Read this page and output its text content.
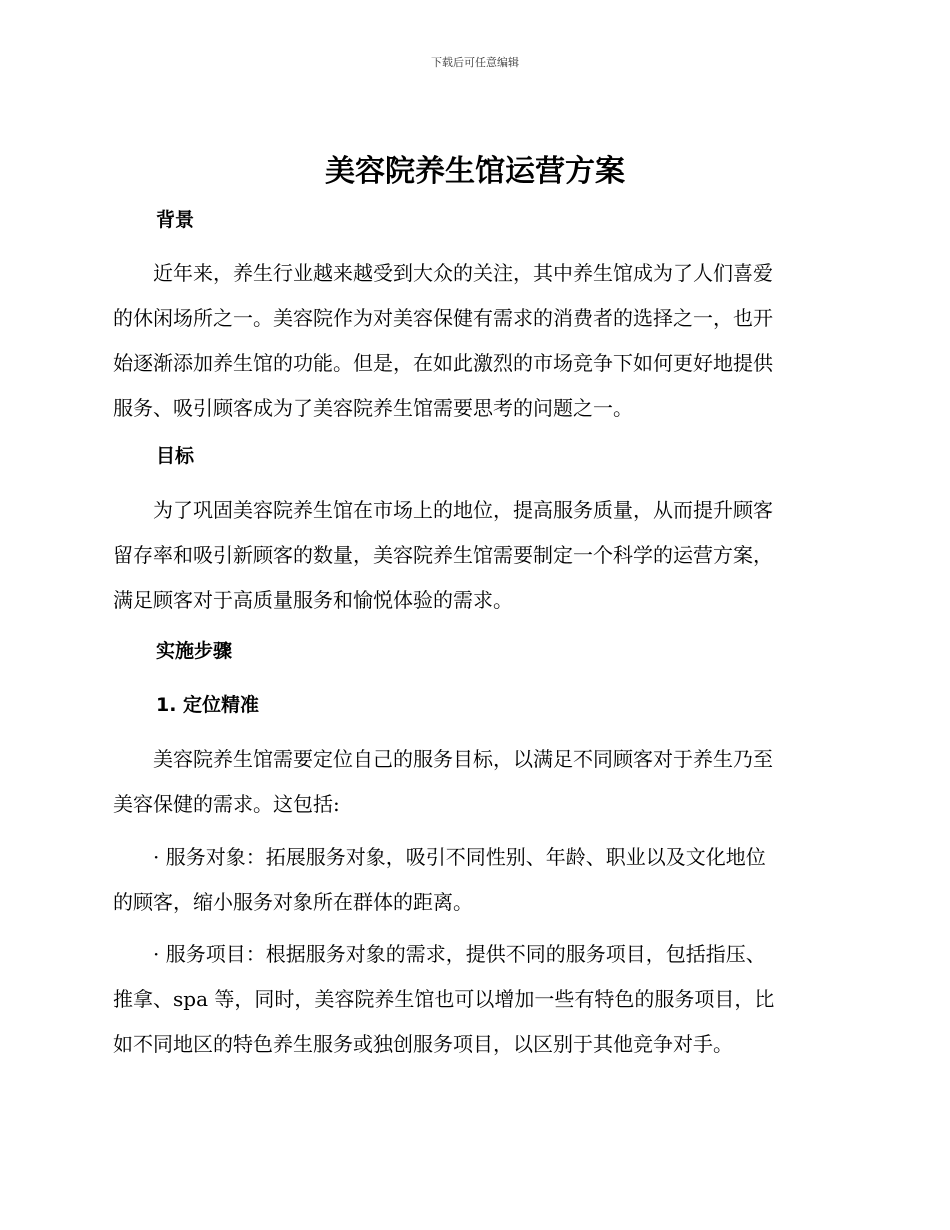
下载后可任意编辑
美容院养生馆运营方案
背景
　　近年来，养生行业越来越受到大众的关注，其中养生馆成为了人们喜爱
的休闲场所之一。美容院作为对美容保健有需求的消费者的选择之一，也开
始逐渐添加养生馆的功能。但是，在如此激烈的市场竞争下如何更好地提供
服务、吸引顾客成为了美容院养生馆需要思考的问题之一。
目标
　　为了巩固美容院养生馆在市场上的地位，提高服务质量，从而提升顾客
留存率和吸引新顾客的数量，美容院养生馆需要制定一个科学的运营方案，
满足顾客对于高质量服务和愉悦体验的需求。
实施步骤
1. 定位精准
　　美容院养生馆需要定位自己的服务目标，以满足不同顾客对于养生乃至
美容保健的需求。这包括:
　　· 服务对象：拓展服务对象，吸引不同性别、年龄、职业以及文化地位
的顾客，缩小服务对象所在群体的距离。
　　· 服务项目：根据服务对象的需求，提供不同的服务项目，包括指压、
推拿、spa 等，同时，美容院养生馆也可以增加一些有特色的服务项目，比
如不同地区的特色养生服务或独创服务项目，以区别于其他竞争对手。
